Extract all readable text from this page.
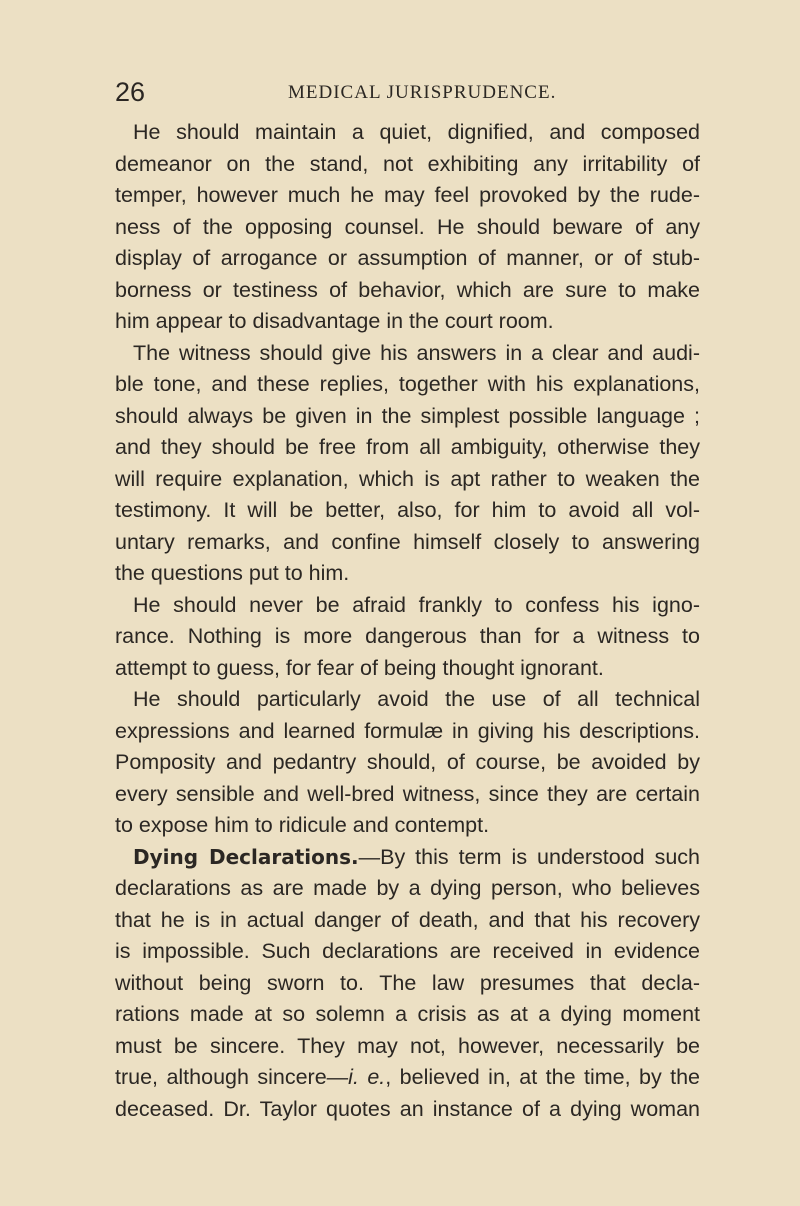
26	MEDICAL JURISPRUDENCE.
He should maintain a quiet, dignified, and composed
demeanor on the stand, not exhibiting any irritability of
temper, however much he may feel provoked by the rude-
ness of the opposing counsel. He should beware of any
display of arrogance or assumption of manner, or of stub-
borness or testiness of behavior, which are sure to make
him appear to disadvantage in the court room.
The witness should give his answers in a clear and audi-
ble tone, and these replies, together with his explanations,
should always be given in the simplest possible language ;
and they should be free from all ambiguity, otherwise they
will require explanation, which is apt rather to weaken the
testimony. It will be better, also, for him to avoid all vol-
untary remarks, and confine himself closely to answering
the questions put to him.
He should never be afraid frankly to confess his igno-
rance. Nothing is more dangerous than for a witness to
attempt to guess, for fear of being thought ignorant.
He should particularly avoid the use of all technical
expressions and learned formulæ in giving his descriptions.
Pomposity and pedantry should, of course, be avoided by
every sensible and well-bred witness, since they are certain
to expose him to ridicule and contempt.
Dying Declarations.—By this term is understood such
declarations as are made by a dying person, who believes
that he is in actual danger of death, and that his recovery
is impossible. Such declarations are received in evidence
without being sworn to. The law presumes that decla-
rations made at so solemn a crisis as at a dying moment
must be sincere. They may not, however, necessarily be
true, although sincere—i. e., believed in, at the time, by the
deceased. Dr. Taylor quotes an instance of a dying woman
